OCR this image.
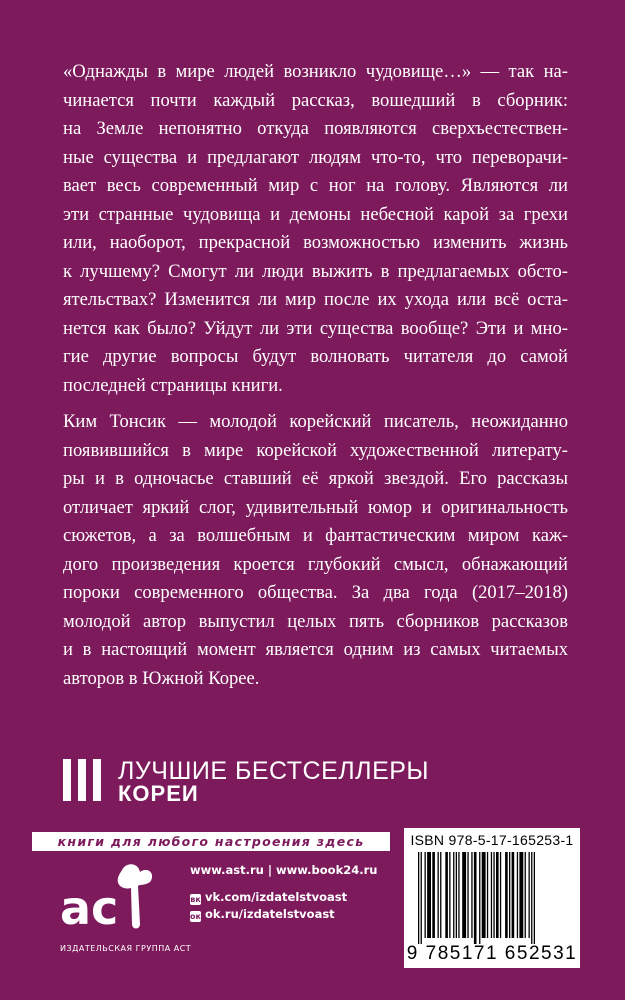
«Однажды в мире людей возникло чудовище…» — так на-
чинается почти каждый рассказ, вошедший в сборник:
на Земле непонятно откуда появляются сверхъестествен-
ные существа и предлагают людям что-то, что переворачи-
вает весь современный мир с ног на голову. Являются ли
эти странные чудовища и демоны небесной карой за грехи
или, наоборот, прекрасной возможностью изменить жизнь
к лучшему? Смогут ли люди выжить в предлагаемых обсто-
ятельствах? Изменится ли мир после их ухода или всё оста-
нется как было? Уйдут ли эти существа вообще? Эти и мно-
гие другие вопросы будут волновать читателя до самой
последней страницы книги.
Ким Тонсик — молодой корейский писатель, неожиданно
появившийся в мире корейской художественной литерату-
ры и в одночасье ставший её яркой звездой. Его рассказы
отличает яркий слог, удивительный юмор и оригинальность
сюжетов, а за волшебным и фантастическим миром каж-
дого произведения кроется глубокий смысл, обнажающий
пороки современного общества. За два года (2017–2018)
молодой автор выпустил целых пять сборников рассказов
и в настоящий момент является одним из самых читаемых
авторов в Южной Корее.
ЛУЧШИЕ БЕСТСЕЛЛЕРЫ
КОРЕИ
книги для любого настроения здесь
ac
ИЗДАТЕЛЬСКАЯ ГРУППА АСТ
www.ast.ru | www.book24.ru
вк vk.com/izdatelstvoast
ок ok.ru/izdatelstvoast
ISBN 978-5-17-165253-1
9 785171 652531
